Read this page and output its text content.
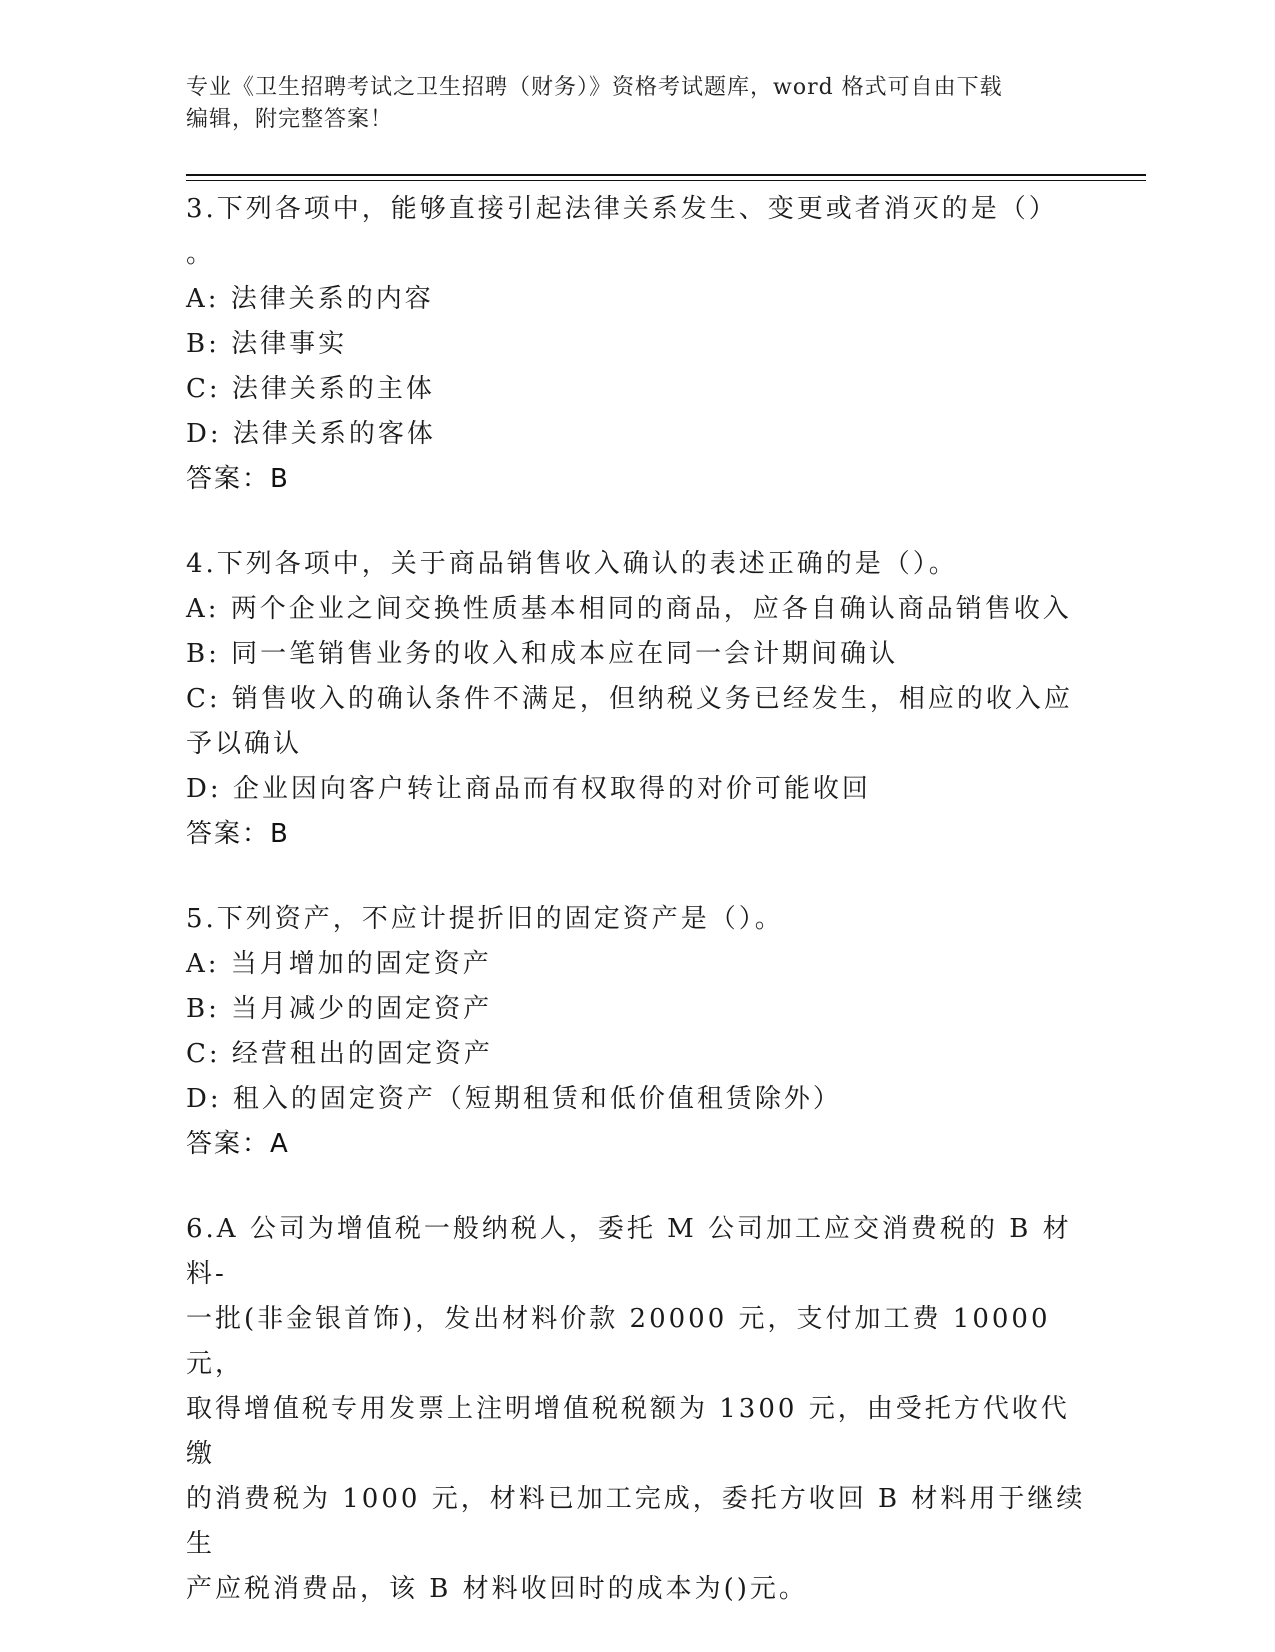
专业《卫生招聘考试之卫生招聘（财务）》资格考试题库，word 格式可自由下载
编辑，附完整答案！
3.下列各项中，能够直接引起法律关系发生、变更或者消灭的是（）
。
A: 法律关系的内容
B: 法律事实
C: 法律关系的主体
D: 法律关系的客体
答案：B
4.下列各项中，关于商品销售收入确认的表述正确的是（）。
A: 两个企业之间交换性质基本相同的商品，应各自确认商品销售收入
B: 同一笔销售业务的收入和成本应在同一会计期间确认
C: 销售收入的确认条件不满足，但纳税义务已经发生，相应的收入应
予以确认
D: 企业因向客户转让商品而有权取得的对价可能收回
答案：B
5.下列资产，不应计提折旧的固定资产是（）。
A: 当月增加的固定资产
B: 当月减少的固定资产
C: 经营租出的固定资产
D: 租入的固定资产（短期租赁和低价值租赁除外）
答案：A
6.A 公司为增值税一般纳税人，委托 M 公司加工应交消费税的 B 材料-
一批(非金银首饰)，发出材料价款 20000 元，支付加工费 10000 元，
取得增值税专用发票上注明增值税税额为 1300 元，由受托方代收代缴
的消费税为 1000 元，材料已加工完成，委托方收回 B 材料用于继续生
产应税消费品，该 B 材料收回时的成本为()元。
